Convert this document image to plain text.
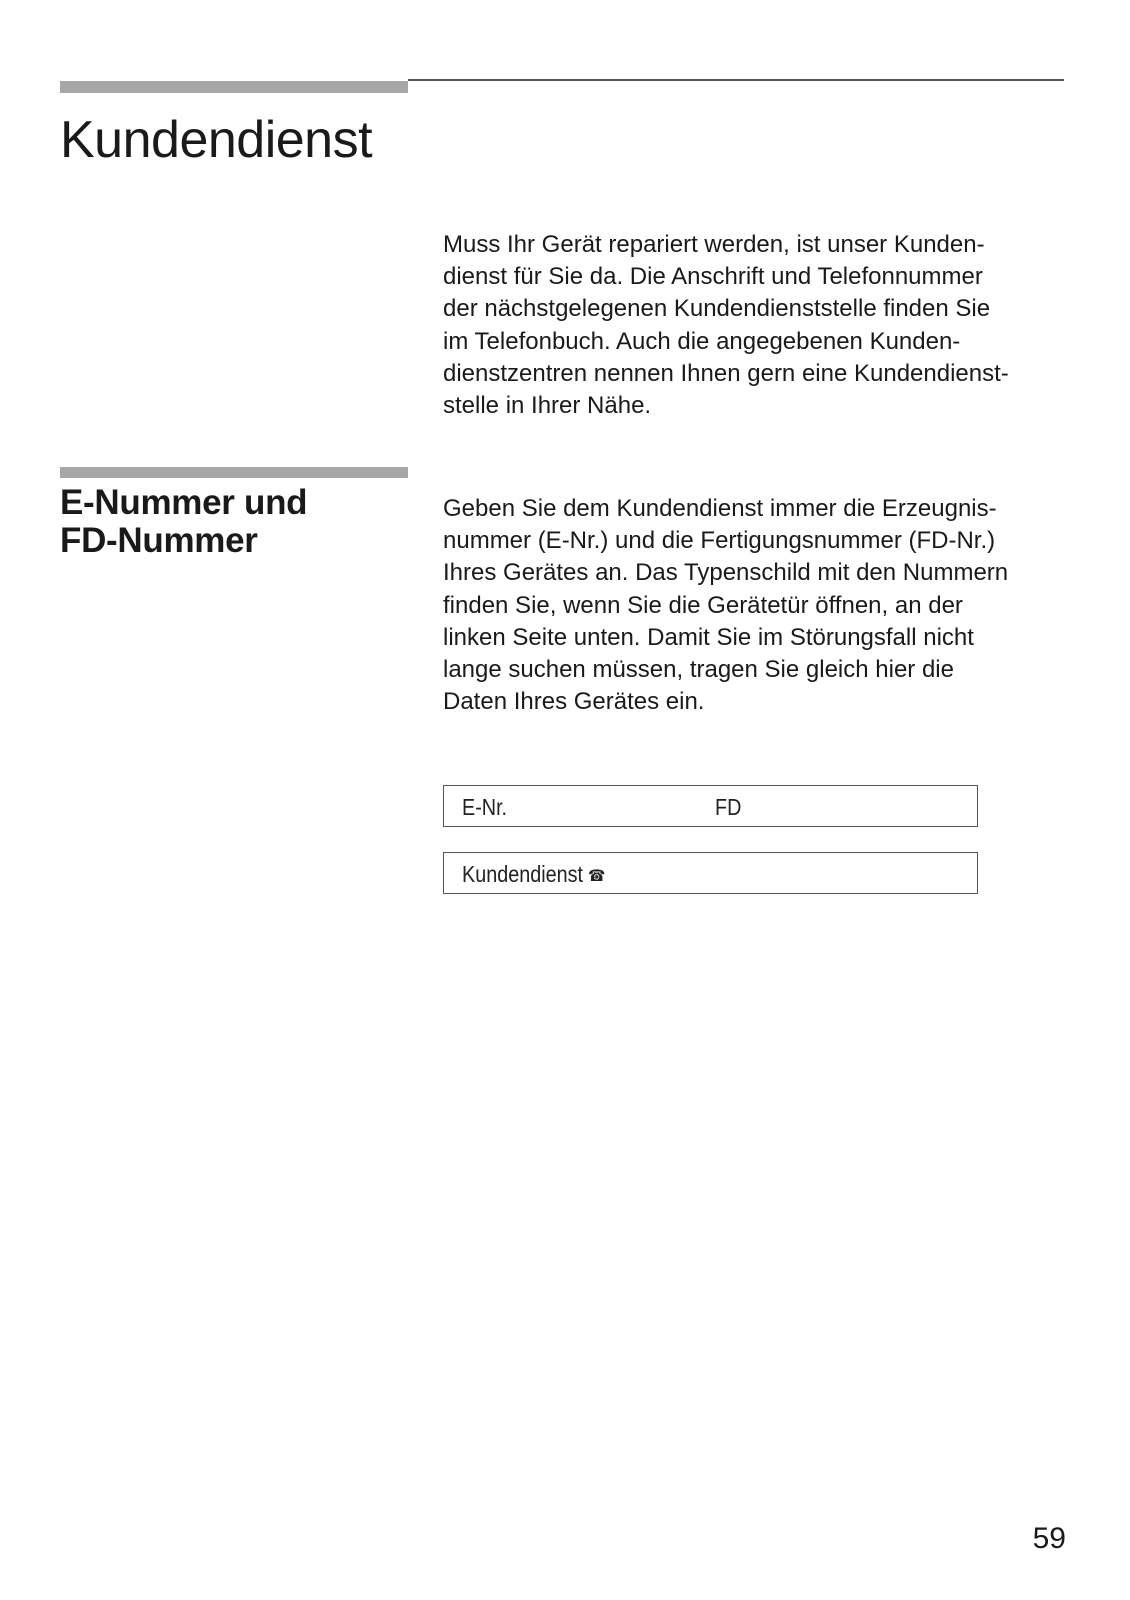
Kundendienst
Muss Ihr Gerät repariert werden, ist unser Kunden-
dienst für Sie da. Die Anschrift und Telefonnummer
der nächstgelegenen Kundendienststelle finden Sie
im Telefonbuch. Auch die angegebenen Kunden-
dienstzentren nennen Ihnen gern eine Kundendienst-
stelle in Ihrer Nähe.
E-Nummer und
FD-Nummer
Geben Sie dem Kundendienst immer die Erzeugnis-
nummer (E-Nr.) und die Fertigungsnummer (FD-Nr.)
Ihres Gerätes an. Das Typenschild mit den Nummern
finden Sie, wenn Sie die Gerätetür öffnen, an der
linken Seite unten. Damit Sie im Störungsfall nicht
lange suchen müssen, tragen Sie gleich hier die
Daten Ihres Gerätes ein.
E-Nr.	FD
Kundendienst ☎
59
